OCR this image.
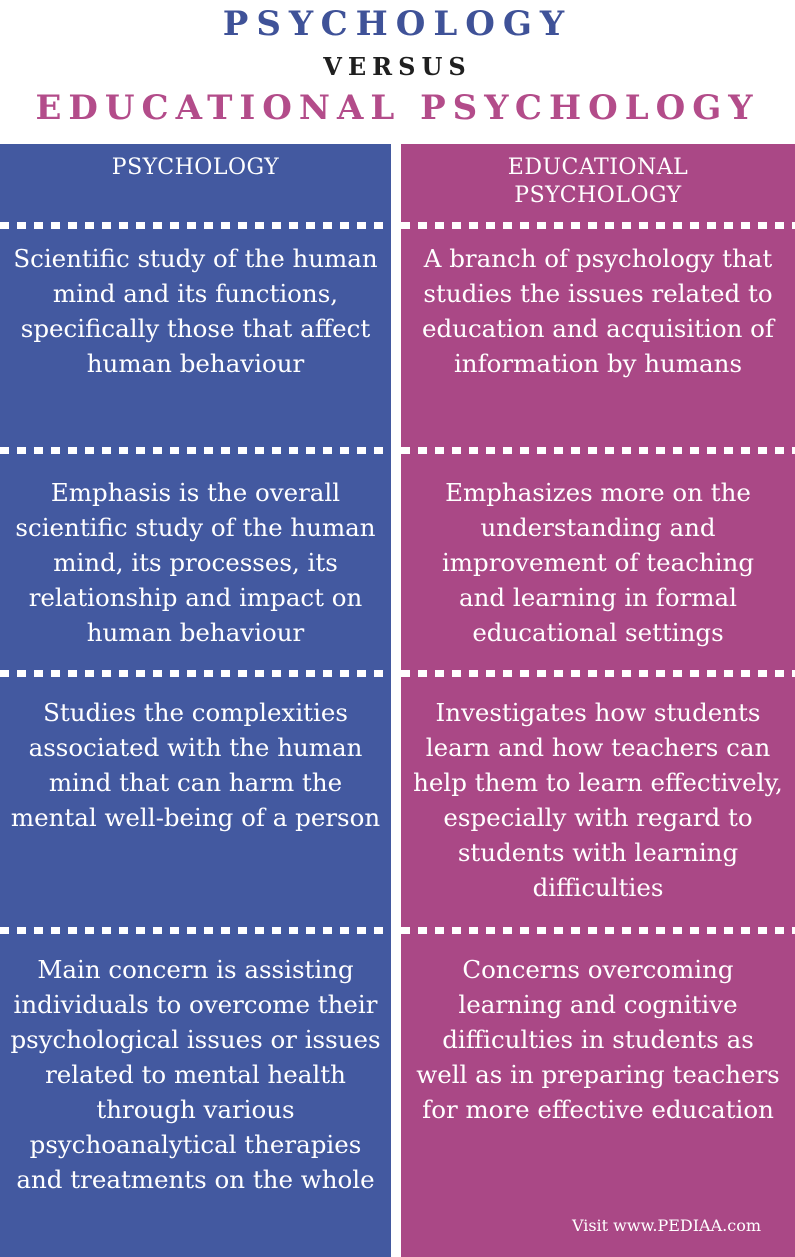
PSYCHOLOGY
VERSUS
EDUCATIONAL PSYCHOLOGY
PSYCHOLOGY
Scientific study of the human mind and its functions, specifically those that affect human behaviour
Emphasis is the overall scientific study of the human mind, its processes, its relationship and impact on human behaviour
Studies the complexities associated with the human mind that can harm the mental well-being of a person
Main concern is assisting individuals to overcome their psychological issues or issues related to mental health through various psychoanalytical therapies and treatments on the whole
EDUCATIONAL PSYCHOLOGY
A branch of psychology that studies the issues related to education and acquisition of information by humans
Emphasizes more on the understanding and improvement of teaching and learning in formal educational settings
Investigates how students learn and how teachers can help them to learn effectively, especially with regard to students with learning difficulties
Concerns overcoming learning and cognitive difficulties in students as well as in preparing teachers for more effective education
Visit www.PEDIAA.com
